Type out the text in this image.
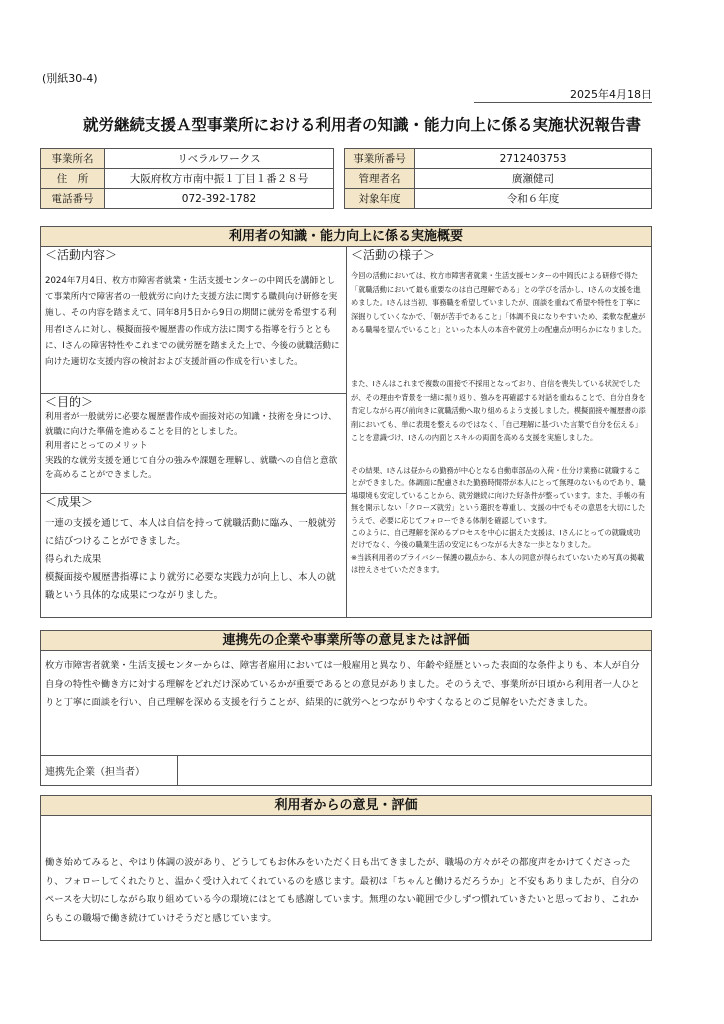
(別紙30-4)
2025年4月18日
就労継続支援Ａ型事業所における利用者の知識・能力向上に係る実施状況報告書
事業所名	リベラルワークス
住　所	大阪府枚方市南中振１丁目１番２８号
電話番号	072-392-1782
事業所番号	2712403753
管理者名	廣瀬健司
対象年度	令和６年度
利用者の知識・能力向上に係る実施概要
＜活動内容＞
2024年7月4日、枚方市障害者就業・生活支援センターの中岡氏を講師として事業所内で障害者の一般就労に向けた支援方法に関する職員向け研修を実施し、その内容を踏まえて、同年8月5日から9日の期間に就労を希望する利用者Iさんに対し、模擬面接や履歴書の作成方法に関する指導を行うとともに、Iさんの障害特性やこれまでの就労歴を踏まえた上で、今後の就職活動に向けた適切な支援内容の検討および支援計画の作成を行いました。
＜目的＞
利用者が一般就労に必要な履歴書作成や面接対応の知識・技術を身につけ、就職に向けた準備を進めることを目的としました。
利用者にとってのメリット
実践的な就労支援を通じて自分の強みや課題を理解し、就職への自信と意欲を高めることができました。
＜成果＞
一連の支援を通じて、本人は自信を持って就職活動に臨み、一般就労に結びつけることができました。
得られた成果
模擬面接や履歴書指導により就労に必要な実践力が向上し、本人の就職という具体的な成果につながりました。
＜活動の様子＞
今回の活動においては、枚方市障害者就業・生活支援センターの中岡氏による研修で得た「就職活動において最も重要なのは自己理解である」との学びを活かし、Iさんの支援を進めました。Iさんは当初、事務職を希望していましたが、面談を重ねて希望や特性を丁寧に深掘りしていくなかで、「朝が苦手であること」「体調不良になりやすいため、柔軟な配慮がある職場を望んでいること」といった本人の本音や就労上の配慮点が明らかになりました。
また、Iさんはこれまで複数の面接で不採用となっており、自信を喪失している状況でしたが、その理由や背景を一緒に振り返り、強みを再確認する対話を重ねることで、自分自身を肯定しながら再び前向きに就職活動へ取り組めるよう支援しました。模擬面接や履歴書の添削においても、単に表現を整えるのではなく、「自己理解に基づいた言葉で自分を伝える」ことを意識づけ、Iさんの内面とスキルの両面を高める支援を実施しました。
その結果、Iさんは昼からの勤務が中心となる自動車部品の入荷・仕分け業務に就職することができました。体調面に配慮された勤務時間帯が本人にとって無理のないものであり、職場環境も安定していることから、就労継続に向けた好条件が整っています。また、手帳の有無を開示しない「クローズ就労」という選択を尊重し、支援の中でもその意思を大切にしたうえで、必要に応じてフォローできる体制を確認しています。
このように、自己理解を深めるプロセスを中心に据えた支援は、Iさんにとっての就職成功だけでなく、今後の職業生活の安定にもつながる大きな一歩となりました。
※当該利用者のプライバシー保護の観点から、本人の同意が得られていないため写真の掲載は控えさせていただきます。
連携先の企業や事業所等の意見または評価
枚方市障害者就業・生活支援センターからは、障害者雇用においては一般雇用と異なり、年齢や経歴といった表面的な条件よりも、本人が自分自身の特性や働き方に対する理解をどれだけ深めているかが重要であるとの意見がありました。そのうえで、事業所が日頃から利用者一人ひとりと丁寧に面談を行い、自己理解を深める支援を行うことが、結果的に就労へとつながりやすくなるとのご見解をいただきました。
連携先企業（担当者）
利用者からの意見・評価
働き始めてみると、やはり体調の波があり、どうしてもお休みをいただく日も出てきましたが、職場の方々がその都度声をかけてくださったり、フォローしてくれたりと、温かく受け入れてくれているのを感じます。最初は「ちゃんと働けるだろうか」と不安もありましたが、自分のペースを大切にしながら取り組めている今の環境にはとても感謝しています。無理のない範囲で少しずつ慣れていきたいと思っており、これからもこの職場で働き続けていけそうだと感じています。
